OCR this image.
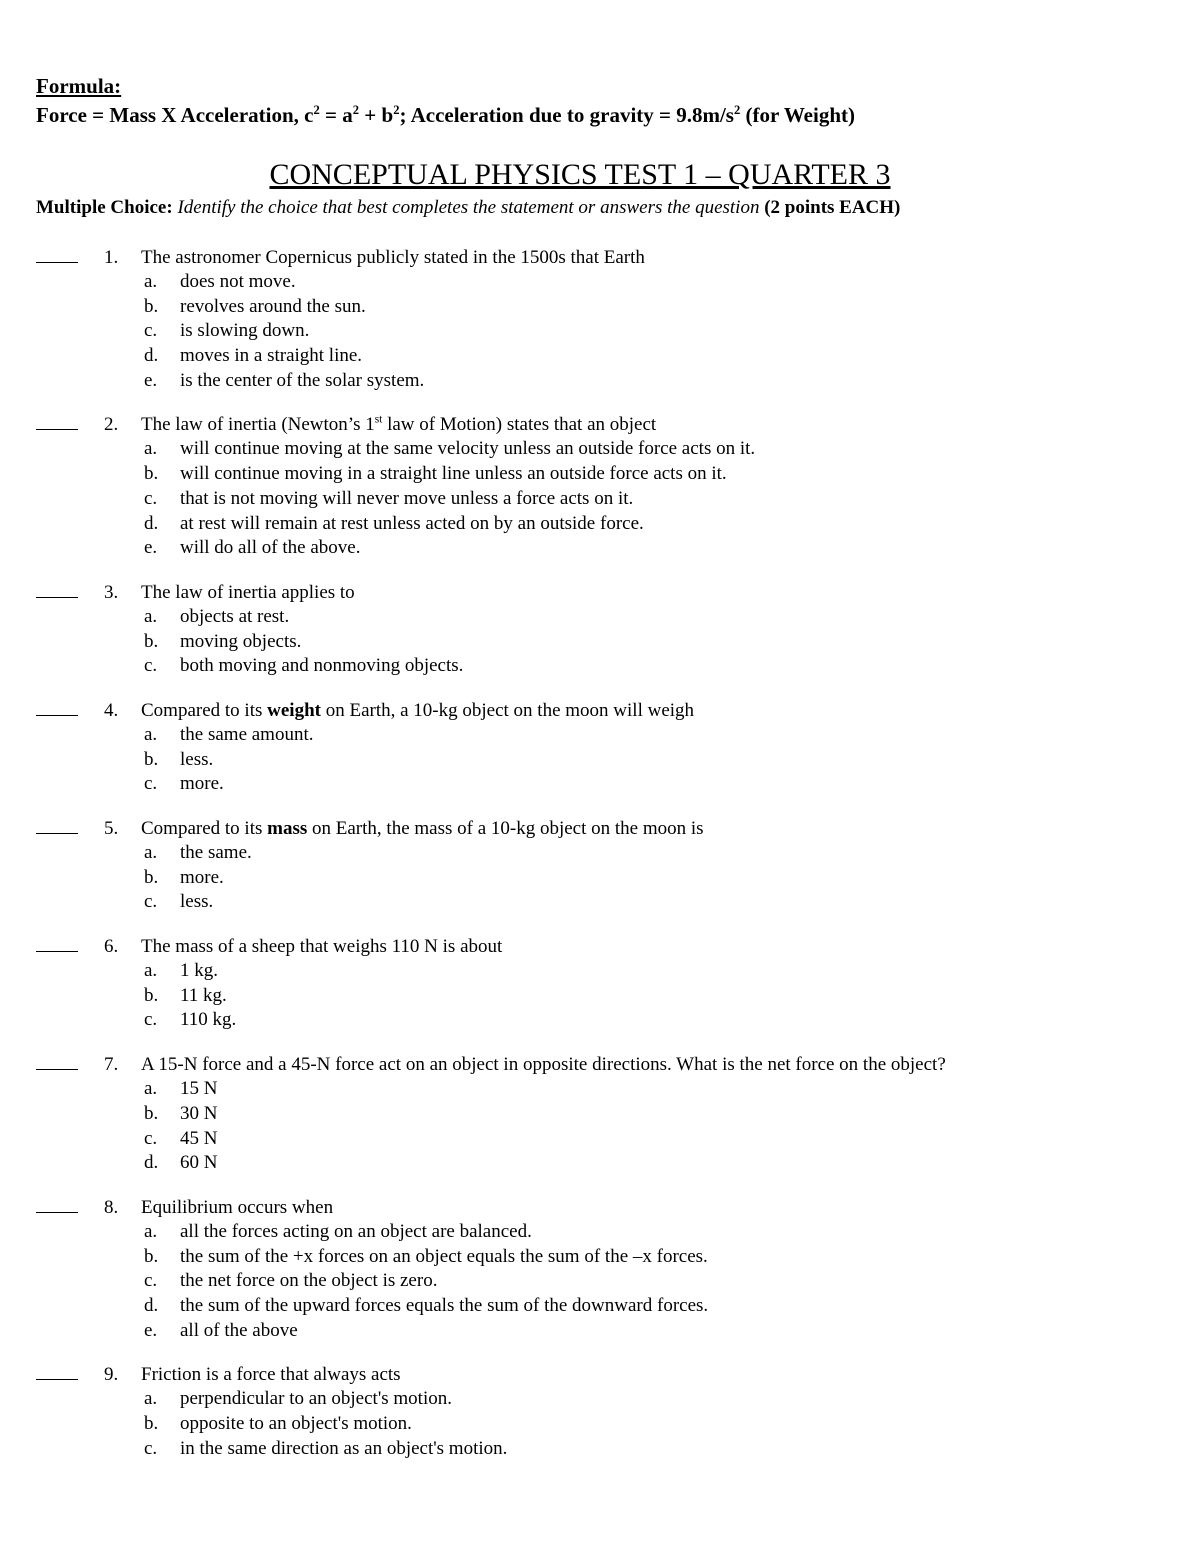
Formula:
Force = Mass X Acceleration, $c^2 = a^2 + b^2$; Acceleration due to gravity = $9.8m/s^2$ (for Weight)
CONCEPTUAL PHYSICS TEST 1 – QUARTER 3
Multiple Choice: Identify the choice that best completes the statement or answers the question (2 points EACH)
1. The astronomer Copernicus publicly stated in the 1500s that Earth
a. does not move.
b. revolves around the sun.
c. is slowing down.
d. moves in a straight line.
e. is the center of the solar system.
2. The law of inertia (Newton’s 1st law of Motion) states that an object
a. will continue moving at the same velocity unless an outside force acts on it.
b. will continue moving in a straight line unless an outside force acts on it.
c. that is not moving will never move unless a force acts on it.
d. at rest will remain at rest unless acted on by an outside force.
e. will do all of the above.
3. The law of inertia applies to
a. objects at rest.
b. moving objects.
c. both moving and nonmoving objects.
4. Compared to its weight on Earth, a 10-kg object on the moon will weigh
a. the same amount.
b. less.
c. more.
5. Compared to its mass on Earth, the mass of a 10-kg object on the moon is
a. the same.
b. more.
c. less.
6. The mass of a sheep that weighs 110 N is about
a. 1 kg.
b. 11 kg.
c. 110 kg.
7. A 15-N force and a 45-N force act on an object in opposite directions. What is the net force on the object?
a. 15 N
b. 30 N
c. 45 N
d. 60 N
8. Equilibrium occurs when
a. all the forces acting on an object are balanced.
b. the sum of the +x forces on an object equals the sum of the –x forces.
c. the net force on the object is zero.
d. the sum of the upward forces equals the sum of the downward forces.
e. all of the above
9. Friction is a force that always acts
a. perpendicular to an object's motion.
b. opposite to an object's motion.
c. in the same direction as an object's motion.
